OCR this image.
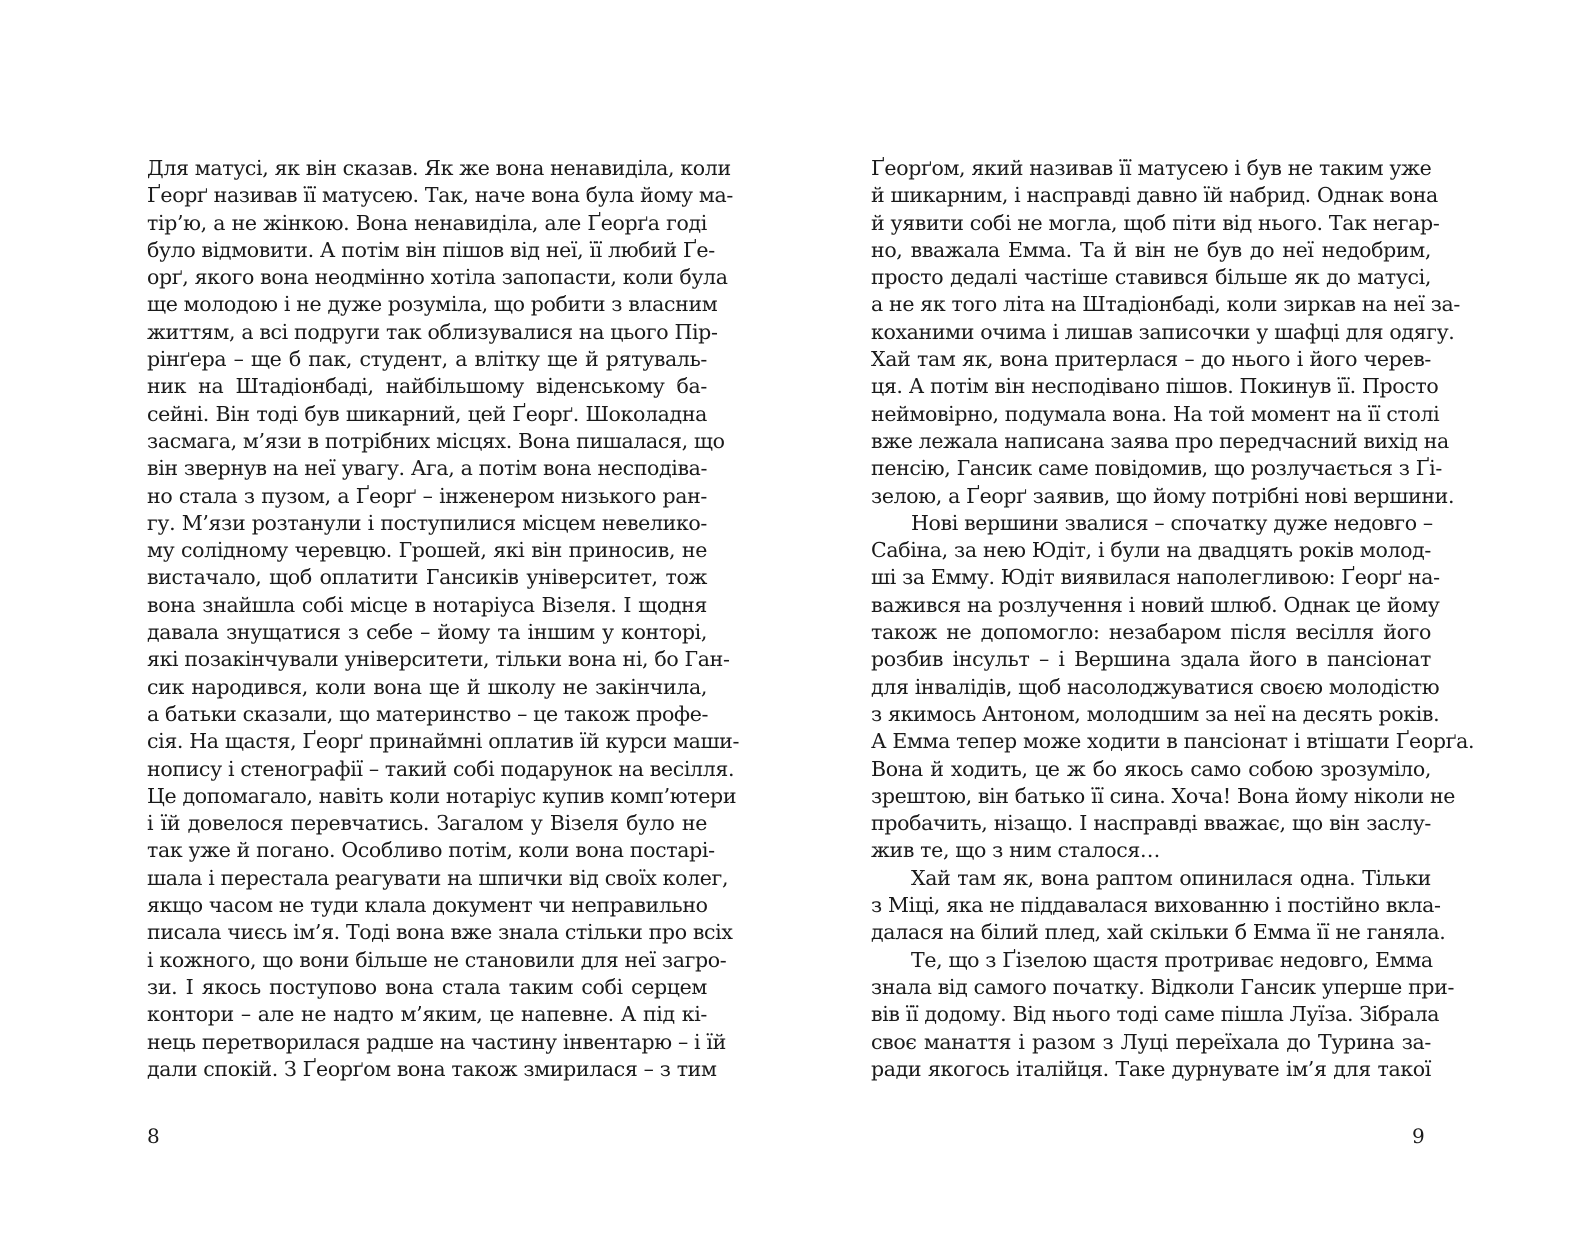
Для матусі, як він сказав. Як же вона ненавиділа, коли
Ґеорґ називав її матусею. Так, наче вона була йому ма-
тір’ю, а не жінкою. Вона ненавиділа, але Ґеорґа годі
було відмовити. А потім він пішов від неї, її любий Ґе-
орґ, якого вона неодмінно хотіла запопасти, коли була
ще молодою і не дуже розуміла, що робити з власним
життям, а всі подруги так облизувалися на цього Пір-
рінґера – ще б пак, студент, а влітку ще й рятуваль-
ник на Штадіонбаді, найбільшому віденському ба-
сейні. Він тоді був шикарний, цей Ґеорґ. Шоколадна
засмага, м’язи в потрібних місцях. Вона пишалася, що
він звернув на неї увагу. Ага, а потім вона несподіва-
но стала з пузом, а Ґеорґ – інженером низького ран-
гу. М’язи розтанули і поступилися місцем невелико-
му солідному черевцю. Грошей, які він приносив, не
вистачало, щоб оплатити Гансиків університет, тож
вона знайшла собі місце в нотаріуса Візеля. І щодня
давала знущатися з себе – йому та іншим у конторі,
які позакінчували університети, тільки вона ні, бо Ган-
сик народився, коли вона ще й школу не закінчила,
а батьки сказали, що материнство – це також профе-
сія. На щастя, Ґеорґ принаймні оплатив їй курси маши-
нопису і стенографії – такий собі подарунок на весілля.
Це допомагало, навіть коли нотаріус купив комп’ютери
і їй довелося перевчатись. Загалом у Візеля було не
так уже й погано. Особливо потім, коли вона постарі-
шала і перестала реагувати на шпички від своїх колег,
якщо часом не туди клала документ чи неправильно
писала чиєсь ім’я. Тоді вона вже знала стільки про всіх
і кожного, що вони більше не становили для неї загро-
зи. І якось поступово вона стала таким собі серцем
контори – але не надто м’яким, це напевне. А під кі-
нець перетворилася радше на частину інвентарю – і їй
дали спокій. З Ґеорґом вона також змирилася – з тим
8
Ґеорґом, який називав її матусею і був не таким уже
й шикарним, і насправді давно їй набрид. Однак вона
й уявити собі не могла, щоб піти від нього. Так негар-
но, вважала Емма. Та й він не був до неї недобрим,
просто дедалі частіше ставився більше як до матусі,
а не як того літа на Штадіонбаді, коли зиркав на неї за-
коханими очима і лишав записочки у шафці для одягу.
Хай там як, вона притерлася – до нього і його черев-
ця. А потім він несподівано пішов. Покинув її. Просто
неймовірно, подумала вона. На той момент на її столі
вже лежала написана заява про передчасний вихід на
пенсію, Гансик саме повідомив, що розлучається з Ґі-
зелою, а Ґеорґ заявив, що йому потрібні нові вершини.
Нові вершини звалися – спочатку дуже недовго –
Сабіна, за нею Юдіт, і були на двадцять років молод-
ші за Емму. Юдіт виявилася наполегливою: Ґеорґ на-
важився на розлучення і новий шлюб. Однак це йому
також не допомогло: незабаром після весілля його
розбив інсульт – і Вершина здала його в пансіонат
для інвалідів, щоб насолоджуватися своєю молодістю
з якимось Антоном, молодшим за неї на десять років.
А Емма тепер може ходити в пансіонат і втішати Ґеорґа.
Вона й ходить, це ж бо якось само собою зрозуміло,
зрештою, він батько її сина. Хоча! Вона йому ніколи не
пробачить, нізащо. І насправді вважає, що він заслу-
жив те, що з ним сталося…
Хай там як, вона раптом опинилася одна. Тільки
з Міці, яка не піддавалася вихованню і постійно вкла-
далася на білий плед, хай скільки б Емма її не ганяла.
Те, що з Ґізелою щастя протриває недовго, Емма
знала від самого початку. Відколи Гансик уперше при-
вів її додому. Від нього тоді саме пішла Луїза. Зібрала
своє манаття і разом з Луці переїхала до Турина за-
ради якогось італійця. Таке дурнувате ім’я для такої
9
